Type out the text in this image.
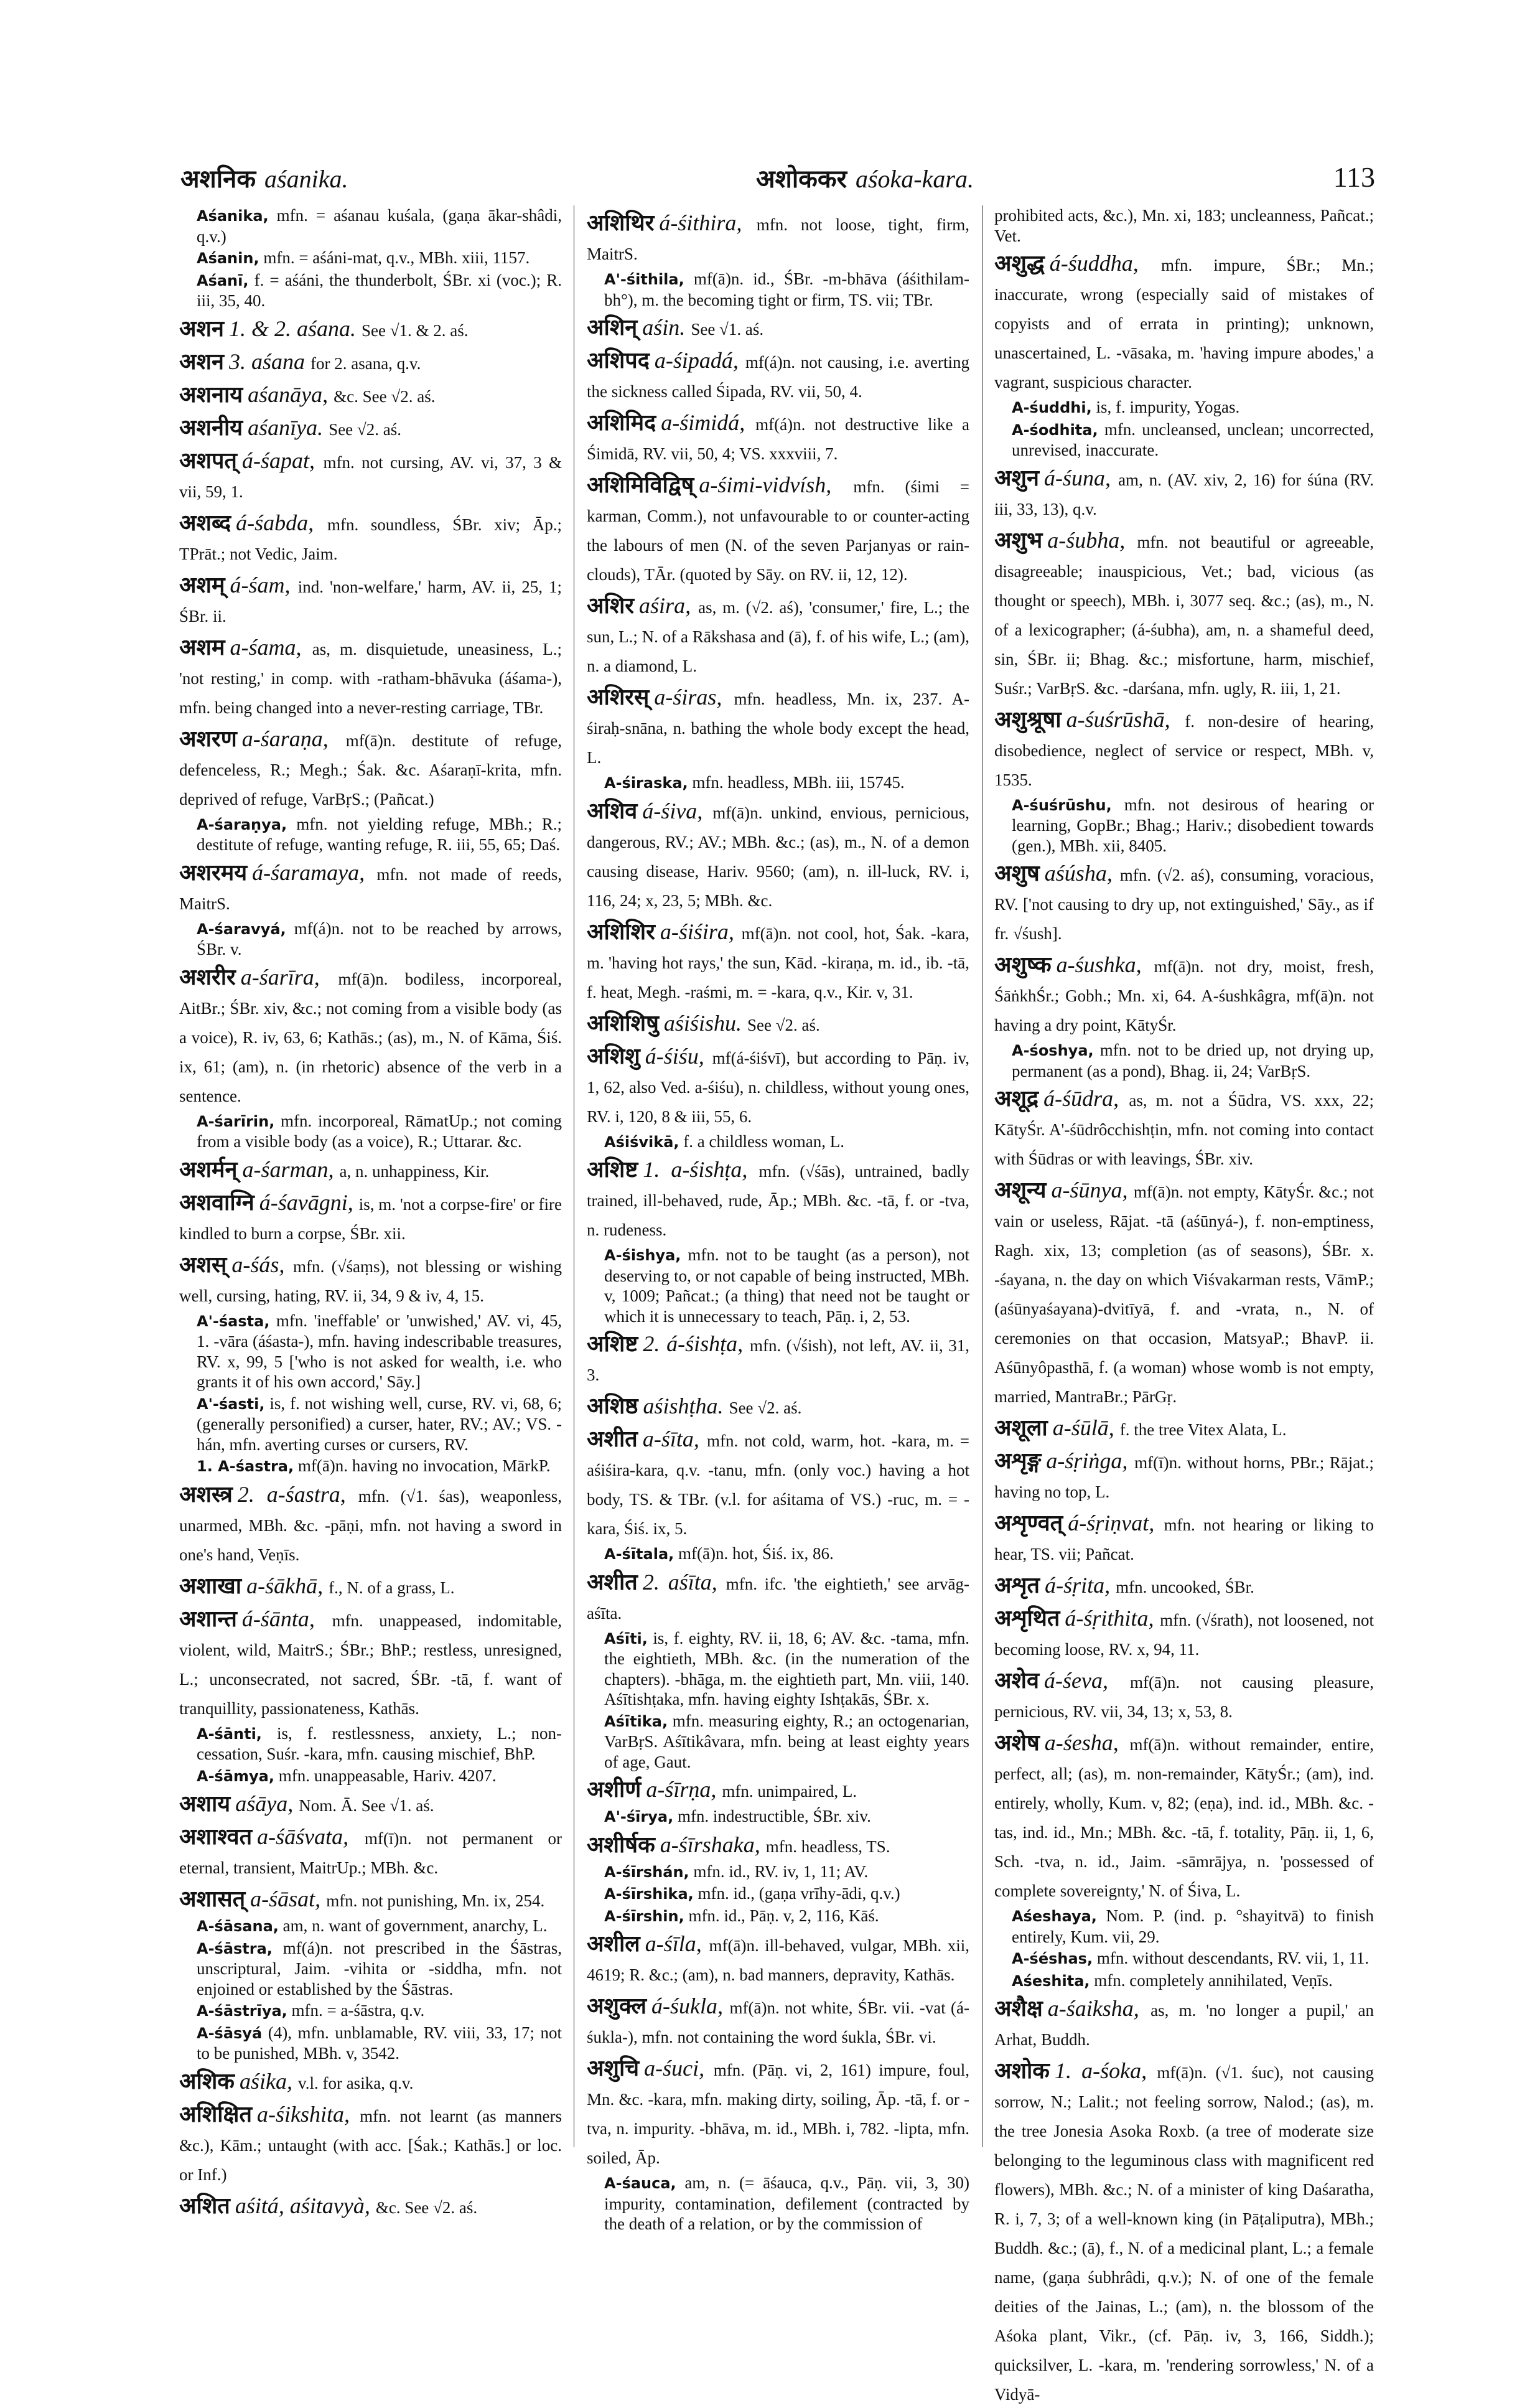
अशनिक aśanika.	अशोककर aśoka-kara.	113
Aśanika, mfn. = aśanau kuśala, (gaṇa ākar-shâdi, q.v.)
Aśanin, mfn. = aśáni-mat, q.v., MBh. xiii, 1157.
Aśanī, f. = aśáni, the thunderbolt, ŚBr. xi (voc.); R. iii, 35, 40.
अशन 1. & 2. aśana. See √1. & 2. aś.
अशन 3. aśana for 2. asana, q.v.
अशनाय aśanāya, &c. See √2. aś.
अशनीय aśanīya. See √2. aś.
अशपत् á-śapat, mfn. not cursing, AV. vi, 37, 3 & vii, 59, 1.
अशब्द á-śabda, mfn. soundless, ŚBr. xiv; Āp.; TPrāt.; not Vedic, Jaim.
अशम् á-śam, ind. 'non-welfare,' harm, AV. ii, 25, 1; ŚBr. ii.
अशम a-śama, as, m. disquietude, uneasiness, L.; 'not resting,' in comp. with -ratham-bhāvuka (áśama-), mfn. being changed into a never-resting carriage, TBr.
अशरण a-śaraṇa, mf(ā)n. destitute of refuge, defenceless, R.; Megh.; Śak. &c. Aśaraṇī-krita, mfn. deprived of refuge, VarBṛS.; (Pañcat.)
A-śaraṇya, mfn. not yielding refuge, MBh.; R.; destitute of refuge, wanting refuge, R. iii, 55, 65; Daś.
अशरमय á-śaramaya, mfn. not made of reeds, MaitrS.
A-śaravyá, mf(á)n. not to be reached by arrows, ŚBr. v.
अशरीर a-śarīra, mf(ā)n. bodiless, incorporeal, AitBr.; ŚBr. xiv, &c.; not coming from a visible body (as a voice), R. iv, 63, 6; Kathās.; (as), m., N. of Kāma, Śiś. ix, 61; (am), n. (in rhetoric) absence of the verb in a sentence.
A-śarīrin, mfn. incorporeal, RāmatUp.; not coming from a visible body (as a voice), R.; Uttarar. &c.
अशर्मन् a-śarman, a, n. unhappiness, Kir.
अशवाग्नि á-śavāgni, is, m. 'not a corpse-fire' or fire kindled to burn a corpse, ŚBr. xii.
अशस् a-śás, mfn. (√śaṃs), not blessing or wishing well, cursing, hating, RV. ii, 34, 9 & iv, 4, 15.
A'-śasta, mfn. 'ineffable' or 'unwished,' AV. vi, 45, 1. -vāra (áśasta-), mfn. having indescribable treasures, RV. x, 99, 5 ['who is not asked for wealth, i.e. who grants it of his own accord,' Sāy.]
A'-śasti, is, f. not wishing well, curse, RV. vi, 68, 6; (generally personified) a curser, hater, RV.; AV.; VS. -hán, mfn. averting curses or cursers, RV.
1. A-śastra, mf(ā)n. having no invocation, MārkP.
अशस्त्र 2. a-śastra, mfn. (√1. śas), weaponless, unarmed, MBh. &c. -pāṇi, mfn. not having a sword in one's hand, Veṇīs.
अशाखा a-śākhā, f., N. of a grass, L.
अशान्त á-śānta, mfn. unappeased, indomitable, violent, wild, MaitrS.; ŚBr.; BhP.; restless, unresigned, L.; unconsecrated, not sacred, ŚBr. -tā, f. want of tranquillity, passionateness, Kathās.
A-śānti, is, f. restlessness, anxiety, L.; non-cessation, Suśr. -kara, mfn. causing mischief, BhP.
A-śāmya, mfn. unappeasable, Hariv. 4207.
अशाय aśāya, Nom. Ā. See √1. aś.
अशाश्वत a-śāśvata, mf(ī)n. not permanent or eternal, transient, MaitrUp.; MBh. &c.
अशासत् a-śāsat, mfn. not punishing, Mn. ix, 254.
A-śāsana, am, n. want of government, anarchy, L.
A-śāstra, mf(á)n. not prescribed in the Śāstras, unscriptural, Jaim. -vihita or -siddha, mfn. not enjoined or established by the Śāstras.
A-śāstrīya, mfn. = a-śāstra, q.v.
A-śāsyá (4), mfn. unblamable, RV. viii, 33, 17; not to be punished, MBh. v, 3542.
अशिक aśika, v.l. for asika, q.v.
अशिक्षित a-śikshita, mfn. not learnt (as manners &c.), Kām.; untaught (with acc. [Śak.; Kathās.] or loc. or Inf.)
अशित aśitá, aśitavyà, &c. See √2. aś.
अशिथिर á-śithira, mfn. not loose, tight, firm, MaitrS.
A'-śithila, mf(ā)n. id., ŚBr. -m-bhāva (áśithilam-bh°), m. the becoming tight or firm, TS. vii; TBr.
अशिन् aśin. See √1. aś.
अशिपद a-śipadá, mf(á)n. not causing, i.e. averting the sickness called Śipada, RV. vii, 50, 4.
अशिमिद a-śimidá, mf(á)n. not destructive like a Śimidā, RV. vii, 50, 4; VS. xxxviii, 7.
अशिमिविद्विष् a-śimi-vidvísh, mfn. (śimi = karman, Comm.), not unfavourable to or counter-acting the labours of men (N. of the seven Parjanyas or rain-clouds), TĀr. (quoted by Sāy. on RV. ii, 12, 12).
अशिर aśira, as, m. (√2. aś), 'consumer,' fire, L.; the sun, L.; N. of a Rākshasa and (ā), f. of his wife, L.; (am), n. a diamond, L.
अशिरस् a-śiras, mfn. headless, Mn. ix, 237. A-śiraḥ-snāna, n. bathing the whole body except the head, L.
A-śiraska, mfn. headless, MBh. iii, 15745.
अशिव á-śiva, mf(ā)n. unkind, envious, pernicious, dangerous, RV.; AV.; MBh. &c.; (as), m., N. of a demon causing disease, Hariv. 9560; (am), n. ill-luck, RV. i, 116, 24; x, 23, 5; MBh. &c.
अशिशिर a-śiśira, mf(ā)n. not cool, hot, Śak. -kara, m. 'having hot rays,' the sun, Kād. -kiraṇa, m. id., ib. -tā, f. heat, Megh. -raśmi, m. = -kara, q.v., Kir. v, 31.
अशिशिषु aśiśishu. See √2. aś.
अशिशु á-śiśu, mf(á-śiśvī), but according to Pāṇ. iv, 1, 62, also Ved. a-śiśu), n. childless, without young ones, RV. i, 120, 8 & iii, 55, 6.
Aśiśvikā, f. a childless woman, L.
अशिष्ट 1. a-śishṭa, mfn. (√śās), untrained, badly trained, ill-behaved, rude, Āp.; MBh. &c. -tā, f. or -tva, n. rudeness.
A-śishya, mfn. not to be taught (as a person), not deserving to, or not capable of being instructed, MBh. v, 1009; Pañcat.; (a thing) that need not be taught or which it is unnecessary to teach, Pāṇ. i, 2, 53.
अशिष्ट 2. á-śishṭa, mfn. (√śish), not left, AV. ii, 31, 3.
अशिष्ठ aśishṭha. See √2. aś.
अशीत a-śīta, mfn. not cold, warm, hot. -kara, m. = aśiśira-kara, q.v. -tanu, mfn. (only voc.) having a hot body, TS. & TBr. (v.l. for aśitama of VS.) -ruc, m. = -kara, Śiś. ix, 5.
A-śītala, mf(ā)n. hot, Śiś. ix, 86.
अशीत 2. aśīta, mfn. ifc. 'the eightieth,' see arvāg-aśīta.
Aśīti, is, f. eighty, RV. ii, 18, 6; AV. &c. -tama, mfn. the eightieth, MBh. &c. (in the numeration of the chapters). -bhāga, m. the eightieth part, Mn. viii, 140. Aśītishṭaka, mfn. having eighty Ishṭakās, ŚBr. x.
Aśītika, mfn. measuring eighty, R.; an octogenarian, VarBṛS. Aśītikâvara, mfn. being at least eighty years of age, Gaut.
अशीर्ण a-śīrṇa, mfn. unimpaired, L.
A'-śīrya, mfn. indestructible, ŚBr. xiv.
अशीर्षक a-śīrshaka, mfn. headless, TS.
A-śīrshán, mfn. id., RV. iv, 1, 11; AV.
A-śīrshika, mfn. id., (gaṇa vrīhy-ādi, q.v.)
A-śīrshin, mfn. id., Pāṇ. v, 2, 116, Kāś.
अशील a-śīla, mf(ā)n. ill-behaved, vulgar, MBh. xii, 4619; R. &c.; (am), n. bad manners, depravity, Kathās.
अशुक्ल á-śukla, mf(ā)n. not white, ŚBr. vii. -vat (á-śukla-), mfn. not containing the word śukla, ŚBr. vi.
अशुचि a-śuci, mfn. (Pāṇ. vi, 2, 161) impure, foul, Mn. &c. -kara, mfn. making dirty, soiling, Āp. -tā, f. or -tva, n. impurity. -bhāva, m. id., MBh. i, 782. -lipta, mfn. soiled, Āp.
A-śauca, am, n. (= āśauca, q.v., Pāṇ. vii, 3, 30) impurity, contamination, defilement (contracted by the death of a relation, or by the commission of
prohibited acts, &c.), Mn. xi, 183; uncleanness, Pañcat.; Vet.
अशुद्ध á-śuddha, mfn. impure, ŚBr.; Mn.; inaccurate, wrong (especially said of mistakes of copyists and of errata in printing); unknown, unascertained, L. -vāsaka, m. 'having impure abodes,' a vagrant, suspicious character.
A-śuddhi, is, f. impurity, Yogas.
A-śodhita, mfn. uncleansed, unclean; uncorrected, unrevised, inaccurate.
अशुन á-śuna, am, n. (AV. xiv, 2, 16) for śúna (RV. iii, 33, 13), q.v.
अशुभ a-śubha, mfn. not beautiful or agreeable, disagreeable; inauspicious, Vet.; bad, vicious (as thought or speech), MBh. i, 3077 seq. &c.; (as), m., N. of a lexicographer; (á-śubha), am, n. a shameful deed, sin, ŚBr. ii; Bhag. &c.; misfortune, harm, mischief, Suśr.; VarBṛS. &c. -darśana, mfn. ugly, R. iii, 1, 21.
अशुश्रूषा a-śuśrūshā, f. non-desire of hearing, disobedience, neglect of service or respect, MBh. v, 1535.
A-śuśrūshu, mfn. not desirous of hearing or learning, GopBr.; Bhag.; Hariv.; disobedient towards (gen.), MBh. xii, 8405.
अशुष aśúsha, mfn. (√2. aś), consuming, voracious, RV. ['not causing to dry up, not extinguished,' Sāy., as if fr. √śush].
अशुष्क a-śushka, mf(ā)n. not dry, moist, fresh, ŚāṅkhŚr.; Gobh.; Mn. xi, 64. A-śushkâgra, mf(ā)n. not having a dry point, KātyŚr.
A-śoshya, mfn. not to be dried up, not drying up, permanent (as a pond), Bhag. ii, 24; VarBṛS.
अशूद्र á-śūdra, as, m. not a Śūdra, VS. xxx, 22; KātyŚr. A'-śūdrôcchishṭin, mfn. not coming into contact with Śūdras or with leavings, ŚBr. xiv.
अशून्य a-śūnya, mf(ā)n. not empty, KātyŚr. &c.; not vain or useless, Rājat. -tā (aśūnyá-), f. non-emptiness, Ragh. xix, 13; completion (as of seasons), ŚBr. x. -śayana, n. the day on which Viśvakarman rests, VāmP.; (aśūnyaśayana)-dvitīyā, f. and -vrata, n., N. of ceremonies on that occasion, MatsyaP.; BhavP. ii. Aśūnyôpasthā, f. (a woman) whose womb is not empty, married, MantraBr.; PārGṛ.
अशूला a-śūlā, f. the tree Vitex Alata, L.
अशृङ्ग a-śṛiṅga, mf(ī)n. without horns, PBr.; Rājat.; having no top, L.
अशृण्वत् á-śṛiṇvat, mfn. not hearing or liking to hear, TS. vii; Pañcat.
अशृत á-śṛita, mfn. uncooked, ŚBr.
अशृथित á-śṛithita, mfn. (√śrath), not loosened, not becoming loose, RV. x, 94, 11.
अशेव á-śeva, mf(ā)n. not causing pleasure, pernicious, RV. vii, 34, 13; x, 53, 8.
अशेष a-śesha, mf(ā)n. without remainder, entire, perfect, all; (as), m. non-remainder, KātyŚr.; (am), ind. entirely, wholly, Kum. v, 82; (eṇa), ind. id., MBh. &c. -tas, ind. id., Mn.; MBh. &c. -tā, f. totality, Pāṇ. ii, 1, 6, Sch. -tva, n. id., Jaim. -sāmrājya, n. 'possessed of complete sovereignty,' N. of Śiva, L.
Aśeshaya, Nom. P. (ind. p. °shayitvā) to finish entirely, Kum. vii, 29.
A-śéshas, mfn. without descendants, RV. vii, 1, 11.
Aśeshita, mfn. completely annihilated, Veṇīs.
अशैक्ष a-śaiksha, as, m. 'no longer a pupil,' an Arhat, Buddh.
अशोक 1. a-śoka, mf(ā)n. (√1. śuc), not causing sorrow, N.; Lalit.; not feeling sorrow, Nalod.; (as), m. the tree Jonesia Asoka Roxb. (a tree of moderate size belonging to the leguminous class with magnificent red flowers), MBh. &c.; N. of a minister of king Daśaratha, R. i, 7, 3; of a well-known king (in Pāṭaliputra), MBh.; Buddh. &c.; (ā), f., N. of a medicinal plant, L.; a female name, (gaṇa śubhrâdi, q.v.); N. of one of the female deities of the Jainas, L.; (am), n. the blossom of the Aśoka plant, Vikr., (cf. Pāṇ. iv, 3, 166, Siddh.); quicksilver, L. -kara, m. 'rendering sorrowless,' N. of a Vidyā-
